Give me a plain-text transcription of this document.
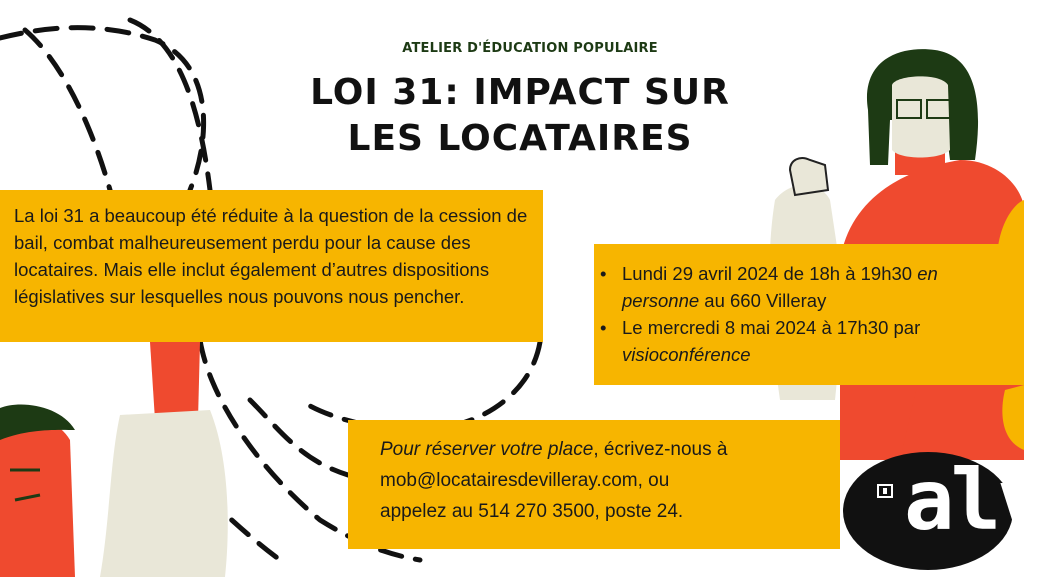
ATELIER D'ÉDUCATION POPULAIRE
LOI 31: IMPACT SUR
LES LOCATAIRES

La loi 31 a beaucoup été réduite à la question de la cession de bail, combat malheureusement perdu pour la cause des locataires. Mais elle inclut également d’autres dispositions législatives sur lesquelles nous pouvons nous pencher.

• Lundi 29 avril 2024 de 18h à 19h30 en personne au 660 Villeray
• Le mercredi 8 mai 2024 à 17h30 par visioconférence
Pour réserver votre place, écrivez-nous à
mob@locatairesdevilleray.com, ou
appelez au 514 270 3500, poste 24.	alv
